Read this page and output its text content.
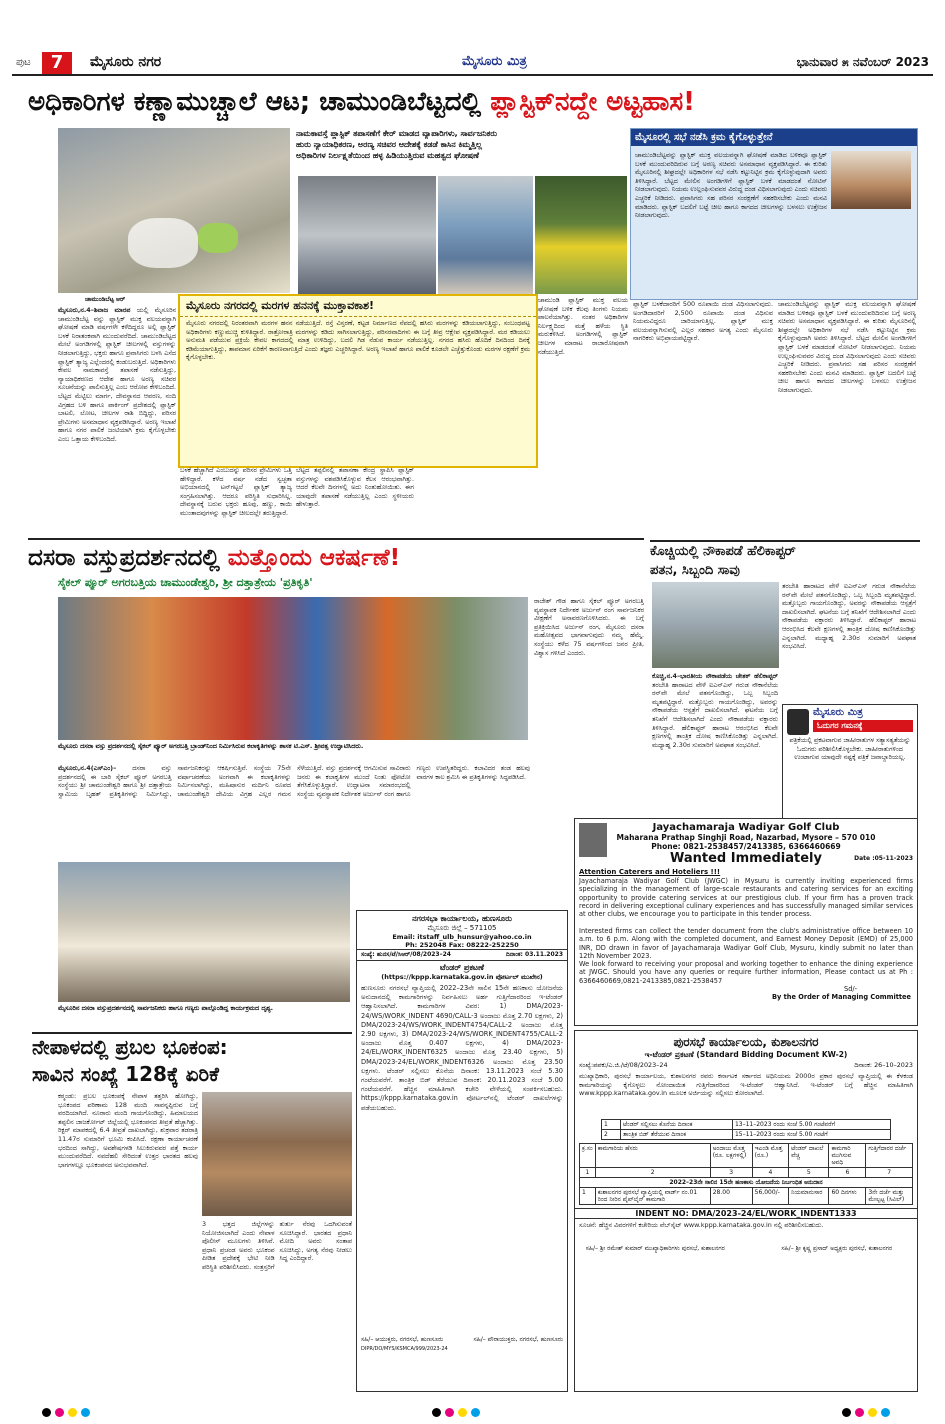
ಪುಟ	7	ಮೈಸೂರು ನಗರ	ಮೈಸೂರು ಮಿತ್ರ	ಭಾನುವಾರ ೫ ನವೆಂಬರ್ 2023
ಅಧಿಕಾರಿಗಳ ಕಣ್ಣಾಮುಚ್ಚಾಲೆ ಆಟ; ಚಾಮುಂಡಿಬೆಟ್ಟದಲ್ಲಿ ಪ್ಲಾಸ್ಟಿಕ್‌ನದ್ದೇ ಅಟ್ಟಹಾಸ!
ಚಾಮುಂಡಿಬೆಟ್ಟ ಆರ್
ನಾಮಕಾವಸ್ತೆ ಪ್ಲಾಸ್ಟಿಕ್ ತಪಾಸಣೆಗೆ ಕೇರ್ ಮಾಡದ ವ್ಯಾಪಾರಿಗಳು, ಸಾರ್ವಜನಿಕರು
ಹುರು ನ್ಯಾಯಾಧಿಕರಣ, ಅರಣ್ಯ ಸಚಿವರ ಆದೇಶಕ್ಕೆ ಕಡಡೆ ಕಾಸಿನ ಕಿಮ್ಮತ್ತಿಲ್ಲ
ಅಧಿಕಾರಿಗಳ ನಿರ್ಲಕ್ಷ್ಯತೆಯಿಂದ ಹಳ್ಳ ಹಿಡಿಯುತ್ತಿರುವ ಮಹತ್ವದ ಘೋಷಣೆ
ಮೈಸೂರಲ್ಲಿ ಸಭೆ ನಡೆಸಿ ಕ್ರಮ ಕೈಗೊಳ್ಳುತ್ತೇನೆ
ಚಾಮುಂಡಿಬೆಟ್ಟವನ್ನು ಪ್ಲಾಸ್ಟಿಕ್ ಮುಕ್ತ ವಲಯವನ್ನಾಗಿ ಘೋಷಣೆ ಮಾಡಿದ ಬಳಿಕವೂ ಪ್ಲಾಸ್ಟಿಕ್ ಬಳಕೆ ಮುಂದುವರಿದಿರುವ ಬಗ್ಗೆ ಅರಣ್ಯ ಸಚಿವರು ಅಸಮಾಧಾನ ವ್ಯಕ್ತಪಡಿಸಿದ್ದಾರೆ. ಈ ಕುರಿತು ಮೈಸೂರಿನಲ್ಲಿ ಶೀಘ್ರದಲ್ಲೇ ಅಧಿಕಾರಿಗಳ ಸಭೆ ನಡೆಸಿ ಕಟ್ಟುನಿಟ್ಟಿನ ಕ್ರಮ ಕೈಗೊಳ್ಳುವುದಾಗಿ ಅವರು ತಿಳಿಸಿದ್ದಾರೆ. ಬೆಟ್ಟದ ಮೇಲಿನ ಅಂಗಡಿಗಳಿಗೆ ಪ್ಲಾಸ್ಟಿಕ್ ಬಳಕೆ ಮಾಡದಂತೆ ನೋಟಿಸ್ ನೀಡಲಾಗುವುದು. ನಿಯಮ ಉಲ್ಲಂಘಿಸುವವರ ವಿರುದ್ಧ ದಂಡ ವಿಧಿಸಲಾಗುವುದು ಎಂದು ಸಚಿವರು ಎಚ್ಚರಿಕೆ ನೀಡಿದರು. ಪ್ರವಾಸಿಗರು ಸಹ ಪರಿಸರ ಸಂರಕ್ಷಣೆಗೆ ಸಹಕರಿಸಬೇಕು ಎಂದು ಮನವಿ ಮಾಡಿದರು. ಪ್ಲಾಸ್ಟಿಕ್ ಬದಲಿಗೆ ಬಟ್ಟೆ ಚೀಲ ಹಾಗೂ ಕಾಗದದ ಚೀಲಗಳನ್ನು ಬಳಸಲು ಉತ್ತೇಜನ ನೀಡಲಾಗುವುದು.
ಮೈಸೂರು,ನ.4–ಶಿವಾಜ ಮಾರಪ ಯಲ್ಲಿ ಮೈಸೂರಿನ ಚಾಮುಂಡಿಬೆಟ್ಟ ವನ್ನು ಪ್ಲಾಸ್ಟಿಕ್ ಮುಕ್ತ ವಲಯವನ್ನಾಗಿ ಘೋಷಣೆ ಮಾಡಿ ವರ್ಷಗಳೇ ಕಳೆದಿದ್ದರೂ ಅಲ್ಲಿ ಪ್ಲಾಸ್ಟಿಕ್ ಬಳಕೆ ನಿರಾತಂಕವಾಗಿ ಮುಂದುವರೆದಿದೆ. ಚಾಮುಂಡಿಬೆಟ್ಟದ ಮೇಲೆ ಅಂಗಡಿಗಳಲ್ಲಿ ಪ್ಲಾಸ್ಟಿಕ್ ಚೀಲಗಳಲ್ಲಿ ವಸ್ತುಗಳನ್ನು ನೀಡಲಾಗುತ್ತಿದ್ದು, ಭಕ್ತರು ಹಾಗೂ ಪ್ರವಾಸಿಗರು ಬಳಸಿ ಎಸೆದ ಪ್ಲಾಸ್ಟಿಕ್ ತ್ಯಾಜ್ಯ ಎಲ್ಲೆಂದರಲ್ಲಿ ಕಂಡುಬರುತ್ತಿದೆ. ಅಧಿಕಾರಿಗಳು ಕೇವಲ ನಾಮಕಾವಸ್ತೆ ತಪಾಸಣೆ ನಡೆಸುತ್ತಿದ್ದು, ನ್ಯಾಯಾಧಿಕರಣದ ಆದೇಶ ಹಾಗೂ ಅರಣ್ಯ ಸಚಿವರ ಸೂಚನೆಯನ್ನು ಪಾಲಿಸುತ್ತಿಲ್ಲ ಎಂಬ ಆರೋಪ ಕೇಳಿಬಂದಿದೆ. ಬೆಟ್ಟದ ಮೆಟ್ಟಿಲು ಮಾರ್ಗ, ದೇವಸ್ಥಾನದ ಆವರಣ, ನಂದಿ ವಿಗ್ರಹದ ಬಳಿ ಹಾಗೂ ಪಾರ್ಕಿಂಗ್ ಪ್ರದೇಶದಲ್ಲಿ ಪ್ಲಾಸ್ಟಿಕ್ ಬಾಟಲಿ, ಲೋಟ, ಚೀಲಗಳ ರಾಶಿ ಬಿದ್ದಿದ್ದು, ಪರಿಸರ ಪ್ರೇಮಿಗಳು ಅಸಮಾಧಾನ ವ್ಯಕ್ತಪಡಿಸಿದ್ದಾರೆ. ಅರಣ್ಯ ಇಲಾಖೆ ಹಾಗೂ ನಗರ ಪಾಲಿಕೆ ಜಂಟಿಯಾಗಿ ಕ್ರಮ ಕೈಗೊಳ್ಳಬೇಕು ಎಂಬ ಒತ್ತಾಯ ಕೇಳಿಬಂದಿದೆ.
ಮೈಸೂರು ನಗರದಲ್ಲಿ ಮರಗಳ ಹನನಕ್ಕೆ ಮುಕ್ತಾವಕಾಶ!
ಮೈಸೂರು ನಗರದಲ್ಲಿ ನಿರಂತರವಾಗಿ ಮರಗಳ ಹನನ ನಡೆಯುತ್ತಿದೆ. ರಸ್ತೆ ವಿಸ್ತರಣೆ, ಕಟ್ಟಡ ನಿರ್ಮಾಣದ ನೆಪದಲ್ಲಿ ಹಸಿರು ಮರಗಳನ್ನು ಕಡಿಯಲಾಗುತ್ತಿದ್ದು, ಸಂಬಂಧಪಟ್ಟ ಅಧಿಕಾರಿಗಳು ಕಣ್ಣುಮುಚ್ಚಿ ಕುಳಿತಿದ್ದಾರೆ. ರಾತ್ರೋರಾತ್ರಿ ಮರಗಳನ್ನು ಕಡಿದು ಸಾಗಿಸಲಾಗುತ್ತಿದ್ದು, ಪರಿಸರವಾದಿಗಳು ಈ ಬಗ್ಗೆ ತೀವ್ರ ಆಕ್ಷೇಪ ವ್ಯಕ್ತಪಡಿಸಿದ್ದಾರೆ. ಮರ ಕಡಿಯಲು ಅನುಮತಿ ಪಡೆಯುವ ಪ್ರಕ್ರಿಯೆ ಕೇವಲ ಕಾಗದದಲ್ಲಿ ಮಾತ್ರ ಉಳಿದಿದ್ದು, ಬದಲಿ ಗಿಡ ನೆಡುವ ಕಾರ್ಯ ನಡೆಯುತ್ತಿಲ್ಲ. ನಗರದ ಹಸಿರು ಹೊದಿಕೆ ದಿನದಿಂದ ದಿನಕ್ಕೆ ಕಡಿಮೆಯಾಗುತ್ತಿದ್ದು, ತಾಪಮಾನ ಏರಿಕೆಗೆ ಕಾರಣವಾಗುತ್ತಿದೆ ಎಂದು ತಜ್ಞರು ಎಚ್ಚರಿಸಿದ್ದಾರೆ. ಅರಣ್ಯ ಇಲಾಖೆ ಹಾಗೂ ಪಾಲಿಕೆ ಕೂಡಲೇ ಎಚ್ಚೆತ್ತುಕೊಂಡು ಮರಗಳ ರಕ್ಷಣೆಗೆ ಕ್ರಮ ಕೈಗೊಳ್ಳಬೇಕು.
ಬಳಕೆ ಹೆಚ್ಚಾಗಿದೆ ಎಂಬುದನ್ನು ಪರಿಸರ ಪ್ರೇಮಿಗಳು ಒತ್ತಿ ಹೇಳಿದ್ದಾರೆ. ಕಳೆದ ವರ್ಷ ನಡೆದ ಸ್ವಚ್ಛತಾ ಅಭಿಯಾನದಲ್ಲಿ ಟನ್‌ಗಟ್ಟಲೆ ಪ್ಲಾಸ್ಟಿಕ್ ತ್ಯಾಜ್ಯ ಸಂಗ್ರಹಿಸಲಾಗಿತ್ತು. ಆದರೂ ಪರಿಸ್ಥಿತಿ ಸುಧಾರಿಸಿಲ್ಲ. ದೇವಸ್ಥಾನಕ್ಕೆ ಬರುವ ಭಕ್ತರು ಹೂವು, ಹಣ್ಣು, ಕಾಯಿ ಮುಂತಾದವುಗಳನ್ನು ಪ್ಲಾಸ್ಟಿಕ್ ಚೀಲದಲ್ಲೇ ತರುತ್ತಿದ್ದಾರೆ.
ಬೆಟ್ಟದ ತಪ್ಪಲಿನಲ್ಲಿ ತಪಾಸಣಾ ಕೇಂದ್ರ ಸ್ಥಾಪಿಸಿ ಪ್ಲಾಸ್ಟಿಕ್ ವಸ್ತುಗಳನ್ನು ವಶಪಡಿಸಿಕೊಳ್ಳುವ ಕೆಲಸ ಆರಂಭವಾಗಿತ್ತು. ಆದರೆ ಕೆಲವೇ ದಿನಗಳಲ್ಲಿ ಅದು ನಿಂತುಹೋಯಿತು. ಈಗ ಯಾವುದೇ ತಪಾಸಣೆ ನಡೆಯುತ್ತಿಲ್ಲ ಎಂದು ಸ್ಥಳೀಯರು ಹೇಳುತ್ತಾರೆ.
ಚಾಮುಂಡಿ ಪ್ಲಾಸ್ಟಿಕ್ ಮುಕ್ತ ವಲಯ ಘೋಷಣೆ ಬಳಿಕ ಕೆಲವು ತಿಂಗಳು ನಿಯಮ ಪಾಲನೆಯಾಗಿತ್ತು. ನಂತರ ಅಧಿಕಾರಿಗಳ ನಿರ್ಲಕ್ಷ್ಯದಿಂದ ಮತ್ತೆ ಹಳೆಯ ಸ್ಥಿತಿ ಮರುಕಳಿಸಿದೆ. ಅಂಗಡಿಗಳಲ್ಲಿ ಪ್ಲಾಸ್ಟಿಕ್ ಚೀಲಗಳ ಮಾರಾಟ ರಾಜಾರೋಷವಾಗಿ ನಡೆಯುತ್ತಿದೆ.
ಪ್ಲಾಸ್ಟಿಕ್ ಬಳಕೆದಾರರಿಗೆ 500 ರೂಪಾಯಿ ದಂಡ ವಿಧಿಸಲಾಗುವುದು. ಅಂಗಡಿದಾರರಿಗೆ 2,500 ರೂಪಾಯಿ ದಂಡ ವಿಧಿಸುವ ನಿಯಮವಿದ್ದರೂ ಜಾರಿಯಾಗುತ್ತಿಲ್ಲ. ಪ್ಲಾಸ್ಟಿಕ್ ಮುಕ್ತ ವಲಯವನ್ನಾಗಿಸುವಲ್ಲಿ ಎಲ್ಲರ ಸಹಕಾರ ಅಗತ್ಯ ಎಂದು ಮೈಸೂರು ನಾಗರಿಕರು ಅಭಿಪ್ರಾಯಪಟ್ಟಿದ್ದಾರೆ.
ಚಾಮುಂಡಿಬೆಟ್ಟವನ್ನು ಪ್ಲಾಸ್ಟಿಕ್ ಮುಕ್ತ ವಲಯವನ್ನಾಗಿ ಘೋಷಣೆ ಮಾಡಿದ ಬಳಿಕವೂ ಪ್ಲಾಸ್ಟಿಕ್ ಬಳಕೆ ಮುಂದುವರಿದಿರುವ ಬಗ್ಗೆ ಅರಣ್ಯ ಸಚಿವರು ಅಸಮಾಧಾನ ವ್ಯಕ್ತಪಡಿಸಿದ್ದಾರೆ. ಈ ಕುರಿತು ಮೈಸೂರಿನಲ್ಲಿ ಶೀಘ್ರದಲ್ಲೇ ಅಧಿಕಾರಿಗಳ ಸಭೆ ನಡೆಸಿ ಕಟ್ಟುನಿಟ್ಟಿನ ಕ್ರಮ ಕೈಗೊಳ್ಳುವುದಾಗಿ ಅವರು ತಿಳಿಸಿದ್ದಾರೆ. ಬೆಟ್ಟದ ಮೇಲಿನ ಅಂಗಡಿಗಳಿಗೆ ಪ್ಲಾಸ್ಟಿಕ್ ಬಳಕೆ ಮಾಡದಂತೆ ನೋಟಿಸ್ ನೀಡಲಾಗುವುದು. ನಿಯಮ ಉಲ್ಲಂಘಿಸುವವರ ವಿರುದ್ಧ ದಂಡ ವಿಧಿಸಲಾಗುವುದು ಎಂದು ಸಚಿವರು ಎಚ್ಚರಿಕೆ ನೀಡಿದರು. ಪ್ರವಾಸಿಗರು ಸಹ ಪರಿಸರ ಸಂರಕ್ಷಣೆಗೆ ಸಹಕರಿಸಬೇಕು ಎಂದು ಮನವಿ ಮಾಡಿದರು. ಪ್ಲಾಸ್ಟಿಕ್ ಬದಲಿಗೆ ಬಟ್ಟೆ ಚೀಲ ಹಾಗೂ ಕಾಗದದ ಚೀಲಗಳನ್ನು ಬಳಸಲು ಉತ್ತೇಜನ ನೀಡಲಾಗುವುದು.
ದಸರಾ ವಸ್ತುಪ್ರದರ್ಶನದಲ್ಲಿ ಮತ್ತೊಂದು ಆಕರ್ಷಣೆ!
ಸೈಕಲ್ ಪ್ಯೂರ್ ಅಗರಬತ್ತಿಯ ಚಾಮುಂಡೇಶ್ವರಿ, ಶ್ರೀ ದತ್ತಾತ್ರೇಯ 'ಪ್ರತಿಕೃತಿ'
ರಾಜೇಶ್ ಗೌಡ ಹಾಗೂ ಸೈಕಲ್ ಪ್ಯೂರ್ ಅಗರಬತ್ತಿ ವ್ಯವಸ್ಥಾಪಕ ನಿರ್ದೇಶಕ ಅರ್ಜುನ್ ರಂಗ ಸಾರ್ವಜನಿಕರ ವೀಕ್ಷಣೆಗೆ ಅನಾವರಣಗೊಳಿಸಿದರು. ಈ ಬಗ್ಗೆ ಪ್ರತಿಕ್ರಿಯಿಸಿದ ಅರ್ಜುನ್ ರಂಗ, ಮೈಸೂರು ದಸರಾ ಮಹೋತ್ಸವದ ಭಾಗವಾಗುವುದು ನಮ್ಮ ಹೆಮ್ಮೆ. ಸಂಸ್ಥೆಯು ಕಳೆದ 75 ವರ್ಷಗಳಿಂದ ಜನರ ಪ್ರೀತಿ, ವಿಶ್ವಾಸ ಗಳಿಸಿದೆ ಎಂದರು.
ಮೈಸೂರು ದಸರಾ ವಸ್ತು ಪ್ರದರ್ಶನದಲ್ಲಿ ಸೈಕಲ್ ಪ್ಯೂರ್ ಅಗರಬತ್ತಿ ಬ್ರಾಂಡ್‌ನಿಂದ ನಿರ್ಮಿಸಿರುವ ಕಲಾಕೃತಿಗಳನ್ನು ಶಾಸಕ ಟಿ.ಎಸ್. ಶ್ರೀವತ್ಸ ಉದ್ಘಾಟಿಸಿದರು.
ಮೈಸೂರು,ನ.4(ಎಸ್‌ಎಂ)–	ದಸರಾ ವಸ್ತು ಪ್ರದರ್ಶನದಲ್ಲಿ ಈ ಬಾರಿ ಸೈಕಲ್ ಪ್ಯೂರ್ ಅಗರಬತ್ತಿ ಸಂಸ್ಥೆಯು ಶ್ರೀ ಚಾಮುಂಡೇಶ್ವರಿ ಹಾಗೂ ಶ್ರೀ ದತ್ತಾತ್ರೇಯ ಸ್ವಾಮಿಯ ಬೃಹತ್ ಪ್ರತಿಕೃತಿಗಳನ್ನು ನಿರ್ಮಿಸಿದ್ದು, ಸಾರ್ವಜನಿಕರನ್ನು ಆಕರ್ಷಿಸುತ್ತಿವೆ. ಸಂಸ್ಥೆಯ 75ನೇ ವರ್ಷಾಚರಣೆಯ ಅಂಗವಾಗಿ ಈ ಕಲಾಕೃತಿಗಳನ್ನು ನಿರ್ಮಿಸಲಾಗಿದ್ದು, ಮಹಿಷಾಸುರ ಮರ್ದಿನಿ ರೂಪದ ಚಾಮುಂಡೇಶ್ವರಿ ದೇವಿಯ ವಿಗ್ರಹ ಎಲ್ಲರ ಗಮನ ಸೆಳೆಯುತ್ತಿದೆ. ವಸ್ತು ಪ್ರದರ್ಶನಕ್ಕೆ ಆಗಮಿಸುವ ಸಾವಿರಾರು ಜನರು ಈ ಕಲಾಕೃತಿಗಳ ಮುಂದೆ ನಿಂತು ಫೋಟೋ ತೆಗೆಸಿಕೊಳ್ಳುತ್ತಿದ್ದಾರೆ. ಉದ್ಘಾಟನಾ ಸಮಾರಂಭದಲ್ಲಿ ಸಂಸ್ಥೆಯ ವ್ಯವಸ್ಥಾಪಕ ನಿರ್ದೇಶಕ ಅರ್ಜುನ್ ರಂಗ ಹಾಗೂ ಗಣ್ಯರು ಉಪಸ್ಥಿತರಿದ್ದರು. ಕಲಾವಿದರ ತಂಡ ಹಲವು ವಾರಗಳ ಕಾಲ ಶ್ರಮಿಸಿ ಈ ಪ್ರತಿಕೃತಿಗಳನ್ನು ಸಿದ್ಧಪಡಿಸಿದೆ.
ಕೊಚ್ಚಿಯಲ್ಲಿ ನೌಕಾಪಡೆ ಹೆಲಿಕಾಪ್ಟರ್
ಪತನ, ಸಿಬ್ಬಂದಿ ಸಾವು
ತರಬೇತಿ ಹಾರಾಟದ ವೇಳೆ ಐಎನ್‌ಎಸ್ ಗರುಡ ನೌಕಾನೆಲೆಯ ರನ್‌ವೇ ಮೇಲೆ ಪತನಗೊಂಡಿದ್ದು, ಒಬ್ಬ ಸಿಬ್ಬಂದಿ ಮೃತಪಟ್ಟಿದ್ದಾರೆ. ಮತ್ತೊಬ್ಬರು ಗಾಯಗೊಂಡಿದ್ದು, ಅವರನ್ನು ನೌಕಾಪಡೆಯ ಆಸ್ಪತ್ರೆಗೆ ದಾಖಲಿಸಲಾಗಿದೆ. ಘಟನೆಯ ಬಗ್ಗೆ ತನಿಖೆಗೆ ಆದೇಶಿಸಲಾಗಿದೆ ಎಂದು ನೌಕಾಪಡೆಯ ವಕ್ತಾರರು ತಿಳಿಸಿದ್ದಾರೆ. ಹೆಲಿಕಾಪ್ಟರ್ ಹಾರಾಟ ಆರಂಭಿಸಿದ ಕೆಲವೇ ಕ್ಷಣಗಳಲ್ಲಿ ತಾಂತ್ರಿಕ ದೋಷ ಕಾಣಿಸಿಕೊಂಡಿತ್ತು ಎನ್ನಲಾಗಿದೆ. ಮಧ್ಯಾಹ್ನ 2.30ರ ಸುಮಾರಿಗೆ ಅಪಘಾತ ಸಂಭವಿಸಿದೆ.
ಕೊಚ್ಚಿ,ನ.4–ಭಾರತೀಯ ನೌಕಾಪಡೆಯ ಚೇತಕ್ ಹೆಲಿಕಾಪ್ಟರ್ ತರಬೇತಿ ಹಾರಾಟದ ವೇಳೆ ಐಎನ್‌ಎಸ್ ಗರುಡ ನೌಕಾನೆಲೆಯ ರನ್‌ವೇ ಮೇಲೆ ಪತನಗೊಂಡಿದ್ದು, ಒಬ್ಬ ಸಿಬ್ಬಂದಿ ಮೃತಪಟ್ಟಿದ್ದಾರೆ. ಮತ್ತೊಬ್ಬರು ಗಾಯಗೊಂಡಿದ್ದು, ಅವರನ್ನು ನೌಕಾಪಡೆಯ ಆಸ್ಪತ್ರೆಗೆ ದಾಖಲಿಸಲಾಗಿದೆ. ಘಟನೆಯ ಬಗ್ಗೆ ತನಿಖೆಗೆ ಆದೇಶಿಸಲಾಗಿದೆ ಎಂದು ನೌಕಾಪಡೆಯ ವಕ್ತಾರರು ತಿಳಿಸಿದ್ದಾರೆ. ಹೆಲಿಕಾಪ್ಟರ್ ಹಾರಾಟ ಆರಂಭಿಸಿದ ಕೆಲವೇ ಕ್ಷಣಗಳಲ್ಲಿ ತಾಂತ್ರಿಕ ದೋಷ ಕಾಣಿಸಿಕೊಂಡಿತ್ತು ಎನ್ನಲಾಗಿದೆ. ಮಧ್ಯಾಹ್ನ 2.30ರ ಸುಮಾರಿಗೆ ಅಪಘಾತ ಸಂಭವಿಸಿದೆ.
ಮೈಸೂರು ಮಿತ್ರ
ಓದುಗರ ಗಮನಕ್ಕೆ
ಪತ್ರಿಕೆಯಲ್ಲಿ ಪ್ರಕಟವಾಗುವ ಜಾಹೀರಾತುಗಳ ಸತ್ಯಾಸತ್ಯತೆಯನ್ನು ಓದುಗರು ಪರಿಶೀಲಿಸಿಕೊಳ್ಳಬೇಕು. ಜಾಹೀರಾತುಗಳಿಂದ ಉಂಟಾಗುವ ಯಾವುದೇ ನಷ್ಟಕ್ಕೆ ಪತ್ರಿಕೆ ಜವಾಬ್ದಾರಿಯಲ್ಲ.
ಮೈಸೂರಿನ ದಸರಾ ವಸ್ತುಪ್ರದರ್ಶನದಲ್ಲಿ ಸಾರ್ವಜನಿಕರು ಹಾಗೂ ಗಣ್ಯರು ಪಾಲ್ಗೊಂಡಿದ್ದ ಕಾರ್ಯಕ್ರಮದ ದೃಶ್ಯ.
ನಗರಸಭಾ ಕಾರ್ಯಾಲಯ, ಹುಣಸೂರು
ಮೈಸೂರು ಜಿಲ್ಲೆ – 571105
Email: itstaff_ulb_hunsur@yahoo.co.in
Ph: 252048 Fax: 08222-252250
ಸಂಖ್ಯೆ: ಹುನಸ/ಟೆ/ಸಿಆರ್/08/2023–24	ದಿನಾಂಕ: 03.11.2023
ಟೆಂಡರ್ ಪ್ರಕಟಣೆ
(https://kppp.karnataka.gov.in ಪೋರ್ಟಲ್ ಮುಖೇನ)
ಹುಣಸೂರು ನಗರಸಭೆ ವ್ಯಾಪ್ತಿಯಲ್ಲಿ 2022–23ನೇ ಸಾಲಿನ 15ನೇ ಹಣಕಾಸು ಯೋಜನೆಯ ಅನುದಾನದಲ್ಲಿ ಕಾಮಗಾರಿಗಳನ್ನು ನಿರ್ವಹಿಸಲು ಅರ್ಹ ಗುತ್ತಿಗೆದಾರರಿಂದ ಇ-ಟೆಂಡರ್ ಆಹ್ವಾನಿಸಲಾಗಿದೆ. ಕಾಮಗಾರಿಗಳ ವಿವರ: 1) DMA/2023-24/WS/WORK_INDENT 4690/CALL-3 ಅಂದಾಜು ಮೊತ್ತ 2.70 ಲಕ್ಷಗಳು, 2) DMA/2023-24/WS/WORK_INDENT4754/CALL-2 ಅಂದಾಜು ಮೊತ್ತ 2.90 ಲಕ್ಷಗಳು, 3) DMA/2023-24/WS/WORK_INDENT4755/CALL-2 ಅಂದಾಜು ಮೊತ್ತ 0.407 ಲಕ್ಷಗಳು, 4) DMA/2023-24/EL/WORK_INDENT6325 ಅಂದಾಜು ಮೊತ್ತ 23.40 ಲಕ್ಷಗಳು, 5) DMA/2023-24/EL/WORK_INDENT6326 ಅಂದಾಜು ಮೊತ್ತ 23.50 ಲಕ್ಷಗಳು. ಟೆಂಡರ್ ಸಲ್ಲಿಸಲು ಕೊನೆಯ ದಿನಾಂಕ: 13.11.2023 ಸಂಜೆ 5.30 ಗಂಟೆಯವರೆಗೆ. ತಾಂತ್ರಿಕ ಬಿಡ್ ತೆರೆಯುವ ದಿನಾಂಕ: 20.11.2023 ಸಂಜೆ 5.00 ಗಂಟೆಯವರೆಗೆ. ಹೆಚ್ಚಿನ ಮಾಹಿತಿಗಾಗಿ ಕಚೇರಿ ವೇಳೆಯಲ್ಲಿ ಸಂಪರ್ಕಿಸಬಹುದು. https://kppp.karnataka.gov.in ಪೋರ್ಟಲ್‌ನಲ್ಲಿ ಟೆಂಡರ್ ದಾಖಲೆಗಳನ್ನು ಪಡೆಯಬಹುದು.
ಸಹಿ/– ಆಯುಕ್ತರು, ನಗರಸಭೆ, ಹುಣಸೂರು	ಸಹಿ/– ಪೌರಾಯುಕ್ತರು, ನಗರಸಭೆ, ಹುಣಸೂರು
DIPR/DO/MYS/KSMCA/999/2023-24
Jayachamaraja Wadiyar Golf Club
Maharana Prathap Singhji Road, Nazarbad, Mysore – 570 010
Phone: 0821-2538457/2413385, 6366460669
Wanted Immediately	Date :05-11-2023
Attention Caterers and Hoteliers !!!
Jayachamaraja Wadiyar Golf Club (JWGC) in Mysuru is currently inviting experienced firms specializing in the management of large-scale restaurants and catering services for an exciting opportunity to provide catering services at our prestigious club. If your firm has a proven track record in delivering exceptional culinary experiences and has successfully managed similar services at other clubs, we encourage you to participate in this tender process.
Interested firms can collect the tender document from the club's administrative office between 10 a.m. to 6 p.m. Along with the completed document, and Earnest Money Deposit (EMD) of 25,000 INR, DD drawn in favor of Jayachamaraja Wadiyar Golf Club, Mysuru, kindly submit no later than 12th November 2023.
We look forward to receiving your proposal and working together to enhance the dining experience at JWGC. Should you have any queries or require further information, Please contact us at Ph : 6366460669,0821-2413385,0821-2538457
Sd/-
By the Order of Managing Committee
ನೇಪಾಳದಲ್ಲಿ ಪ್ರಬಲ ಭೂಕಂಪ:
ಸಾವಿನ ಸಂಖ್ಯೆ 128ಕ್ಕೆ ಏರಿಕೆ
ಕಠ್ಮಂಡು: ಪ್ರಬಲ ಭೂಕಂಪಕ್ಕೆ ನೇಪಾಳ ತತ್ತರಿಸಿ ಹೋಗಿದ್ದು, ಭೂಕಂಪದ ಪರಿಣಾಮ 128 ಮಂದಿ ಸಾವನ್ನಪ್ಪಿರುವ ಬಗ್ಗೆ ವರದಿಯಾಗಿದೆ. ನೂರಾರು ಮಂದಿ ಗಾಯಗೊಂಡಿದ್ದು, ಹಿಮಾಲಯದ ತಪ್ಪಲಿನ ಜಾಜರ್ಕೋಟ್ ಜಿಲ್ಲೆಯಲ್ಲಿ ಭೂಕಂಪನದ ತೀವ್ರತೆ ಹೆಚ್ಚಾಗಿತ್ತು. ರಿಕ್ಟರ್ ಮಾಪಕದಲ್ಲಿ 6.4 ತೀವ್ರತೆ ದಾಖಲಾಗಿದ್ದು, ಶುಕ್ರವಾರ ತಡರಾತ್ರಿ 11.47ರ ಸುಮಾರಿಗೆ ಭೂಮಿ ಕಂಪಿಸಿದೆ. ರಕ್ಷಣಾ ಕಾರ್ಯಾಚರಣೆ ಭರದಿಂದ ಸಾಗಿದ್ದು, ಅವಶೇಷಗಳಡಿ ಸಿಲುಕಿರುವವರ ಪತ್ತೆ ಕಾರ್ಯ ಮುಂದುವರೆದಿದೆ. ನವದೆಹಲಿ ಸೇರಿದಂತೆ ಉತ್ತರ ಭಾರತದ ಹಲವು ಭಾಗಗಳಲ್ಲೂ ಭೂಕಂಪನದ ಅನುಭವವಾಗಿದೆ.
3 ಭತ್ತದ ಜಿಲ್ಲೆಗಳನ್ನು ನಿಯೋಜಿಸಲಾಗಿದೆ ಎಂದು ನೇಪಾಳ ಪೊಲೀಸ್ ಮೂಲಗಳು ತಿಳಿಸಿವೆ. ಪ್ರಧಾನಿ ಪ್ರಚಂಡ ಅವರು ಭೂಕಂಪ ಪೀಡಿತ ಪ್ರದೇಶಕ್ಕೆ ಭೇಟಿ ನೀಡಿ ಪರಿಸ್ಥಿತಿ ಪರಿಶೀಲಿಸಿದರು. ಸಂತ್ರಸ್ತರಿಗೆ ತುರ್ತು ನೆರವು ಒದಗಿಸುವಂತೆ ಸೂಚಿಸಿದ್ದಾರೆ. ಭಾರತದ ಪ್ರಧಾನಿ ಮೋದಿ ಅವರು ಸಂತಾಪ ಸೂಚಿಸಿದ್ದು, ಅಗತ್ಯ ನೆರವು ನೀಡಲು ಸಿದ್ಧ ಎಂದಿದ್ದಾರೆ.
ಪುರಸಭೆ ಕಾರ್ಯಾಲಯ, ಕುಶಾಲನಗರ
ಇ-ಟೆಂಡರ್ ಪ್ರಕಟಣೆ (Standard Bidding Document KW-2)
ಸಂಖ್ಯೆ:ಪಪಕು/ಎ.ಜಿ./ಟೆ/08/2023–24	ದಿನಾಂಕ: 26–10–2023
ಮುಖ್ಯಾಧಿಕಾರಿ, ಪುರಸಭೆ ಕಾರ್ಯಾಲಯ, ಕುಶಾಲನಗರ ರವರು ಕರ್ನಾಟಕ ಸರ್ಕಾರದ ಅಧಿನಿಯಮ 2000ರ ಪ್ರಕಾರ ಪುರಸಭೆ ವ್ಯಾಪ್ತಿಯಲ್ಲಿ ಈ ಕೆಳಕಂಡ ಕಾಮಗಾರಿಯನ್ನು ಕೈಗೊಳ್ಳಲು ನೋಂದಾಯಿತ ಗುತ್ತಿಗೆದಾರರಿಂದ ಇ-ಟೆಂಡರ್ ಆಹ್ವಾನಿಸಿದೆ. ಇ-ಟೆಂಡರ್ ಬಗ್ಗೆ ಹೆಚ್ಚಿನ ಮಾಹಿತಿಗಾಗಿ www.kppp.karnataka.gov.in ಮೂಲಕ ಅರ್ಜಿಯನ್ನು ಸಲ್ಲಿಸಲು ಕೋರಲಾಗಿದೆ.
1	ಟೆಂಡರ್ ಸಲ್ಲಿಸಲು ಕೊನೆಯ ದಿನಾಂಕ	13–11–2023 ರಂದು ಸಂಜೆ 5.00 ಗಂಟೆವರೆಗೆ
2	ತಾಂತ್ರಿಕ ಬಿಡ್ ತೆರೆಯುವ ದಿನಾಂಕ	15–11–2023 ರಂದು ಸಂಜೆ 5.00 ಗಂಟೆಗೆ
ಕ್ರ.ಸಂ	ಕಾಮಗಾರಿಯ ಹೆಸರು	ಅಂದಾಜು ಮೊತ್ತ (ರೂ. ಲಕ್ಷಗಳಲ್ಲಿ)	ಇಎಂಡಿ ಮೊತ್ತ (ರೂ.)	ಟೆಂಡರ್ ದಾಖಲೆ ವೆಚ್ಚ	ಕಾಮಗಾರಿ ಮುಗಿಸುವ ಅವಧಿ	ಗುತ್ತಿಗೆದಾರರ ದರ್ಜೆ
1	2	3	4	5	6	7
2022–23ನೇ ಸಾಲಿನ 15ನೇ ಹಣಕಾಸು ಯೋಜನೆಯ ನಿರ್ಬಂಧಿತ ಅನುದಾನ						
1	ಕುಶಾಲನಗರ ಪುರಸಭೆ ವ್ಯಾಪ್ತಿಯಲ್ಲಿ ವಾರ್ಡ್ ನಂ.01 ರಿಂದ ನೀರಿನ ಪೈಪ್‌ಲೈನ್ ಕಾಮಗಾರಿ	28.00	56,000/-	ನಿಯಮಾನುಸಾರ	60 ದಿನಗಳು	3ನೇ ದರ್ಜೆ ಮತ್ತು ಮೇಲ್ಪಟ್ಟ (ಸಿವಿಲ್)
INDENT NO: DMA/2023-24/EL/WORK_INDENT1333
ಸೂಚನೆ: ಹೆಚ್ಚಿನ ವಿವರಗಳಿಗೆ ಕಚೇರಿಯ ವೆಬ್‌ಸೈಟ್ www.kppp.karnataka.gov.in ನಲ್ಲಿ ಪರಿಶೀಲಿಸಬಹುದು.
ಸಹಿ/– ಶ್ರೀ ರಮೇಶ್ ಕುಮಾರ್ ಮುಖ್ಯಾಧಿಕಾರಿಗಳು ಪುರಸಭೆ, ಕುಶಾಲನಗರ	ಸಹಿ/– ಶ್ರೀ ಕೃಷ್ಣ ಪ್ರಸಾದ್ ಅಧ್ಯಕ್ಷರು ಪುರಸಭೆ, ಕುಶಾಲನಗರ
